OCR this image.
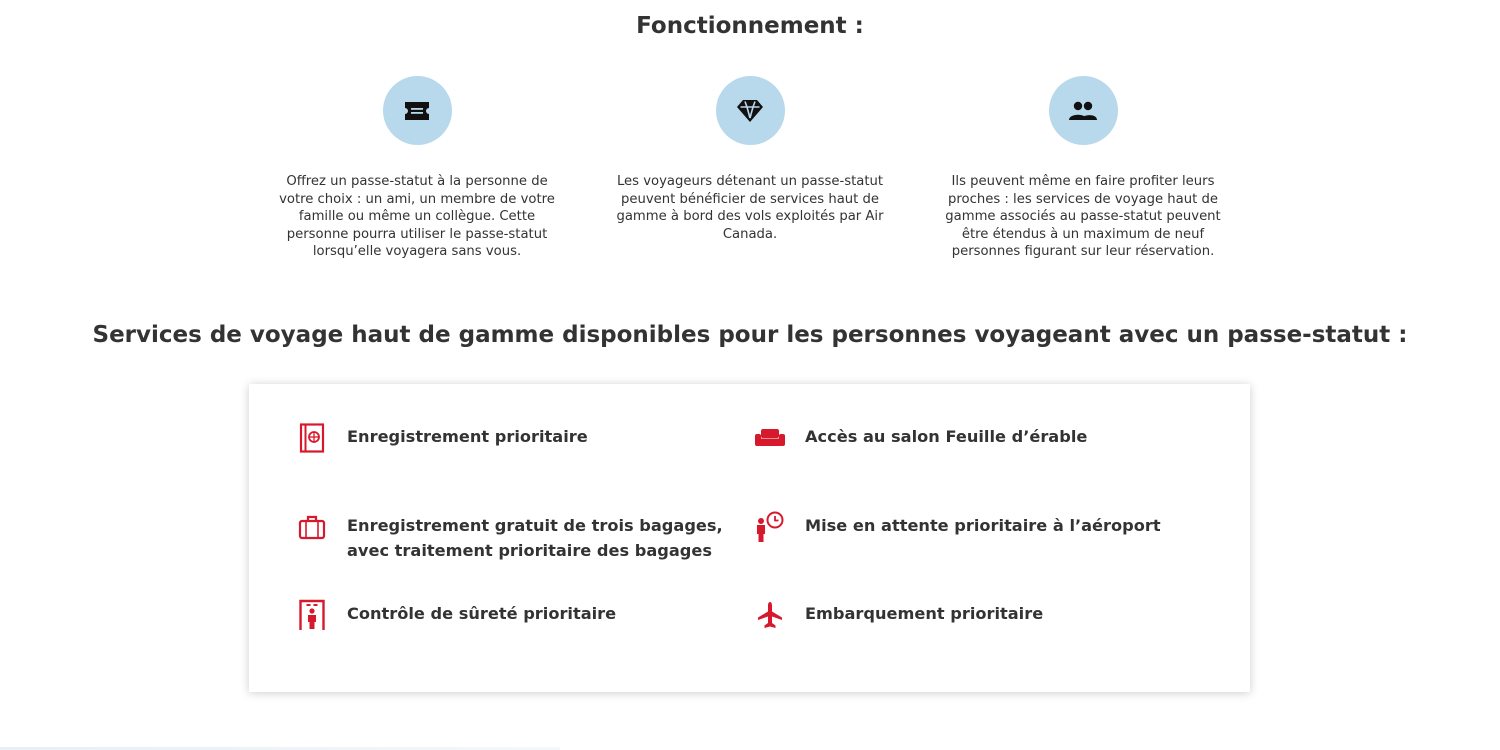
Fonctionnement :
Offrez un passe-statut à la personne de votre choix : un ami, un membre de votre famille ou même un collègue. Cette personne pourra utiliser le passe-statut lorsqu’elle voyagera sans vous.
Les voyageurs détenant un passe-statut peuvent bénéficier de services haut de gamme à bord des vols exploités par Air Canada.
Ils peuvent même en faire profiter leurs proches : les services de voyage haut de gamme associés au passe-statut peuvent être étendus à un maximum de neuf personnes figurant sur leur réservation.
Services de voyage haut de gamme disponibles pour les personnes voyageant avec un passe-statut :
Enregistrement prioritaire	Accès au salon Feuille d’érable
Enregistrement gratuit de trois bagages,
avec traitement prioritaire des bagages
Mise en attente prioritaire à l’aéroport
Contrôle de sûreté prioritaire	Embarquement prioritaire
